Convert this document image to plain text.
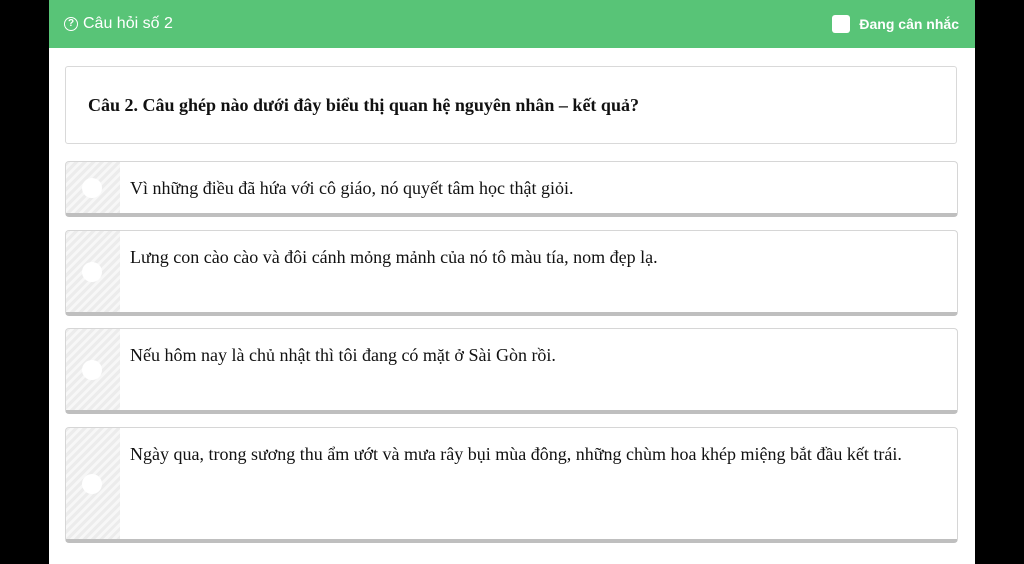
? Câu hỏi số 2	Đang cân nhắc
Câu 2. Câu ghép nào dưới đây biểu thị quan hệ nguyên nhân – kết quả?
Vì những điều đã hứa với cô giáo, nó quyết tâm học thật giỏi.
Lưng con cào cào và đôi cánh mỏng mảnh của nó tô màu tía, nom đẹp lạ.
Nếu hôm nay là chủ nhật thì tôi đang có mặt ở Sài Gòn rồi.
Ngày qua, trong sương thu ẩm ướt và mưa rây bụi mùa đông, những chùm hoa khép miệng bắt đầu kết trái.
